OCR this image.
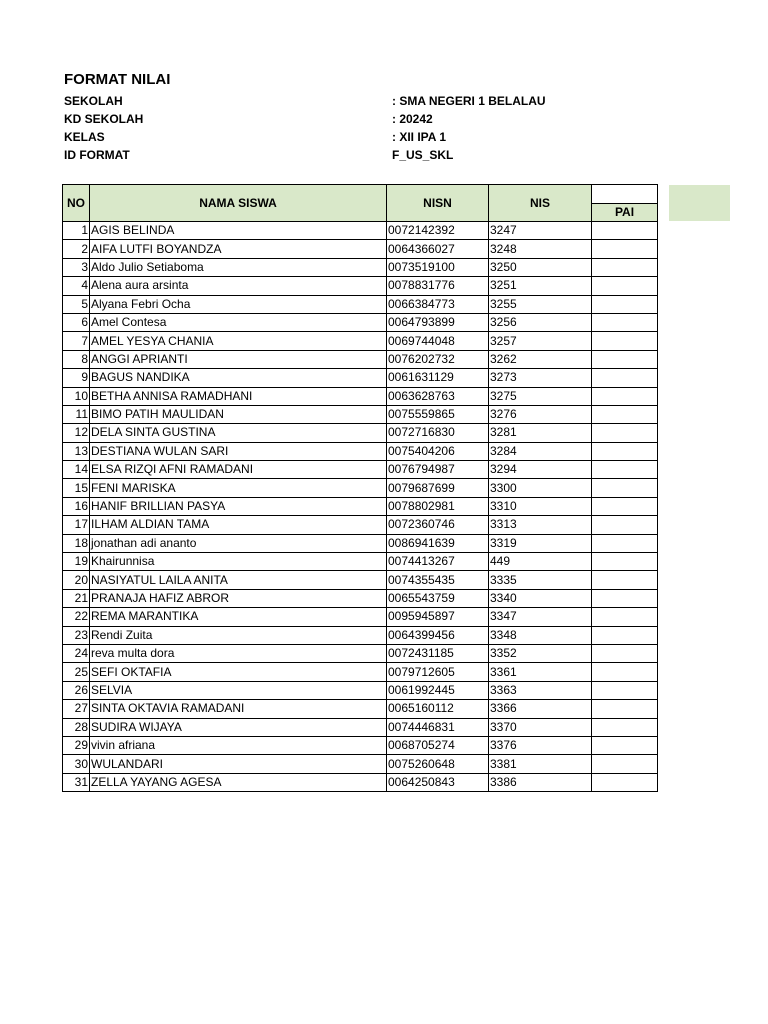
FORMAT NILAI
SEKOLAH	: SMA NEGERI 1 BELALAU
KD SEKOLAH	: 20242
KELAS	: XII IPA 1
ID FORMAT	F_US_SKL
NO	NAMA SISWA	NISN	NIS	
				PAI
1	AGIS BELINDA	0072142392	3247	
2	AIFA LUTFI BOYANDZA	0064366027	3248	
3	Aldo Julio Setiaboma	0073519100	3250	
4	Alena aura arsinta	0078831776	3251	
5	Alyana Febri Ocha	0066384773	3255	
6	Amel Contesa	0064793899	3256	
7	AMEL YESYA CHANIA	0069744048	3257	
8	ANGGI APRIANTI	0076202732	3262	
9	BAGUS NANDIKA	0061631129	3273	
10	BETHA ANNISA RAMADHANI	0063628763	3275	
11	BIMO PATIH MAULIDAN	0075559865	3276	
12	DELA SINTA GUSTINA	0072716830	3281	
13	DESTIANA WULAN SARI	0075404206	3284	
14	ELSA RIZQI AFNI RAMADANI	0076794987	3294	
15	FENI MARISKA	0079687699	3300	
16	HANIF BRILLIAN PASYA	0078802981	3310	
17	ILHAM ALDIAN TAMA	0072360746	3313	
18	jonathan adi ananto	0086941639	3319	
19	Khairunnisa	0074413267	449	
20	NASIYATUL LAILA ANITA	0074355435	3335	
21	PRANAJA HAFIZ ABROR	0065543759	3340	
22	REMA MARANTIKA	0095945897	3347	
23	Rendi Zuita	0064399456	3348	
24	reva multa dora	0072431185	3352	
25	SEFI OKTAFIA	0079712605	3361	
26	SELVIA	0061992445	3363	
27	SINTA OKTAVIA RAMADANI	0065160112	3366	
28	SUDIRA WIJAYA	0074446831	3370	
29	vivin afriana	0068705274	3376	
30	WULANDARI	0075260648	3381	
31	ZELLA YAYANG AGESA	0064250843	3386	
